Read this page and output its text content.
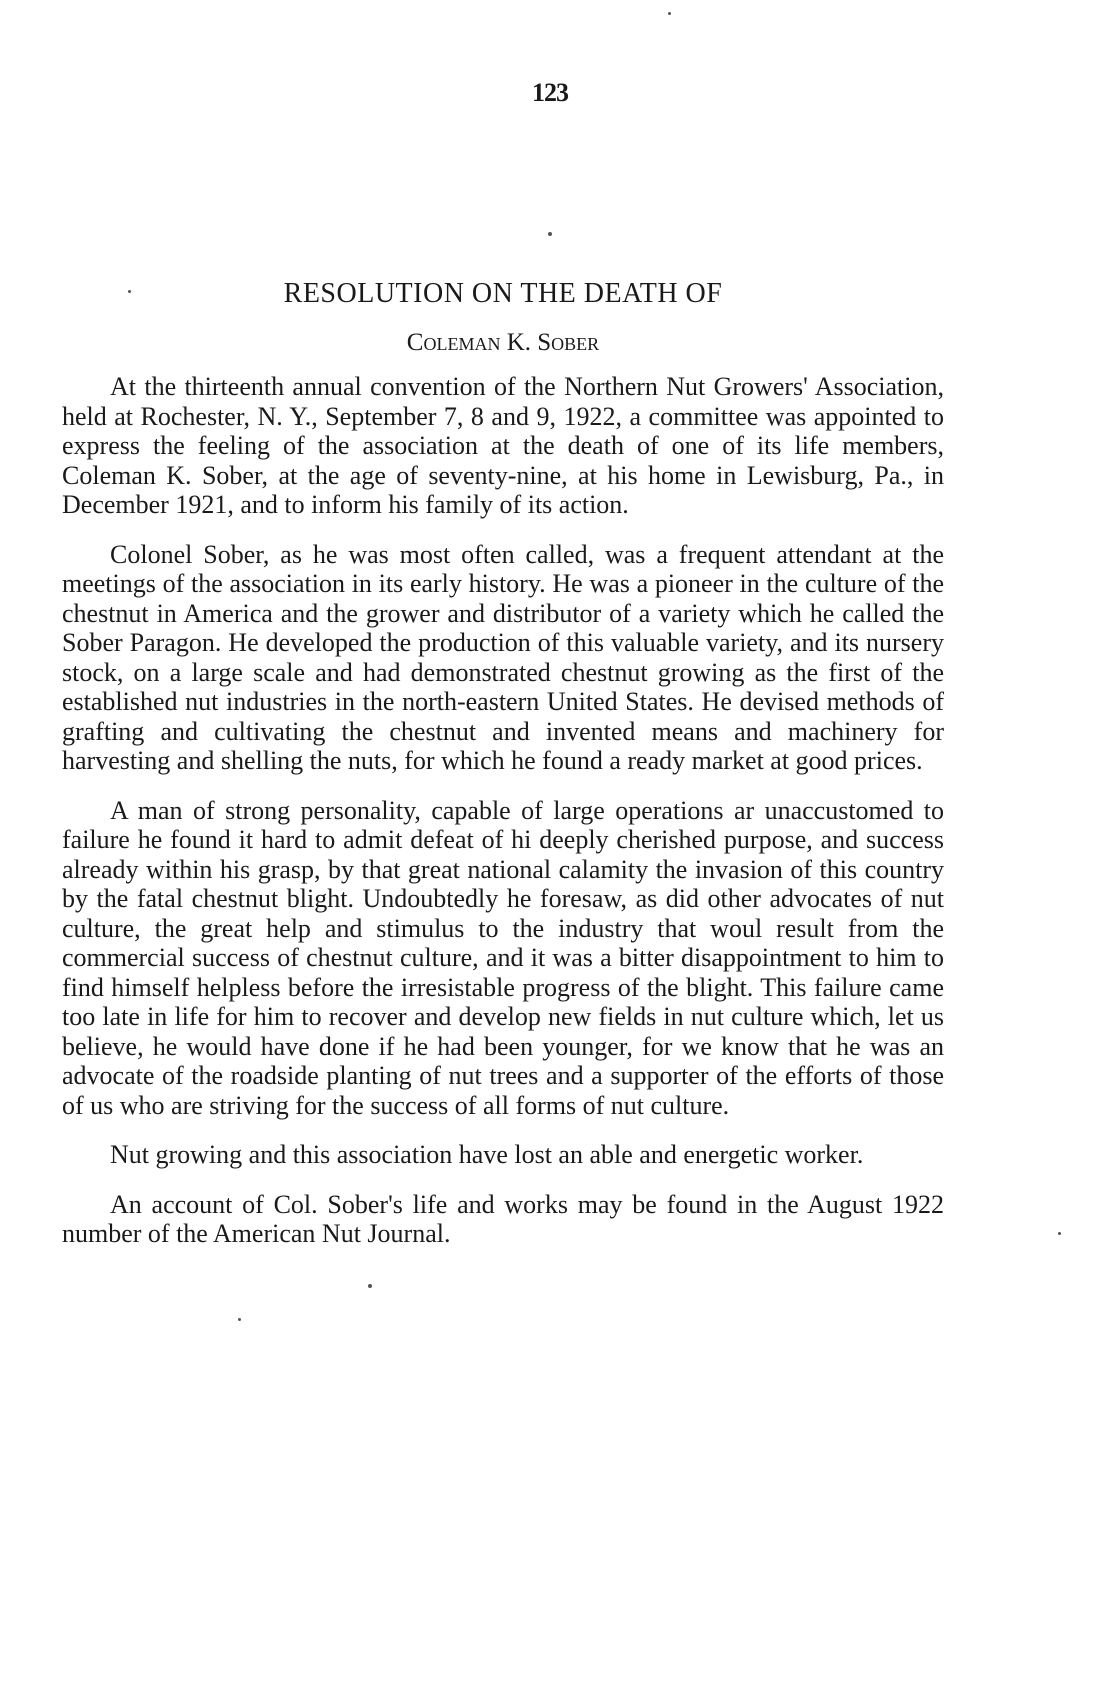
123
RESOLUTION ON THE DEATH OF
Coleman K. Sober

At the thirteenth annual convention of the Northern Nut Growers' Association, held at Rochester, N. Y., September 7, 8 and 9, 1922, a committee was appointed to express the feeling of the association at the death of one of its life members, Coleman K. Sober, at the age of seventy-nine, at his home in Lewisburg, Pa., in December 1921, and to inform his family of its action.

Colonel Sober, as he was most often called, was a frequent attendant at the meetings of the association in its early history. He was a pioneer in the culture of the chestnut in America and the grower and distributor of a variety which he called the Sober Paragon. He developed the production of this valuable variety, and its nursery stock, on a large scale and had demonstrated chestnut growing as the first of the established nut industries in the north-eastern United States. He devised methods of grafting and cultivating the chestnut and invented means and machinery for harvesting and shelling the nuts, for which he found a ready market at good prices.

A man of strong personality, capable of large operations ar unaccustomed to failure he found it hard to admit defeat of hi deeply cherished purpose, and success already within his grasp, by that great national calamity the invasion of this country by the fatal chestnut blight. Undoubtedly he foresaw, as did other advocates of nut culture, the great help and stimulus to the industry that woul result from the commercial success of chestnut culture, and it was a bitter disappointment to him to find himself helpless before the irresistable progress of the blight. This failure came too late in life for him to recover and develop new fields in nut culture which, let us believe, he would have done if he had been younger, for we know that he was an advocate of the roadside planting of nut trees and a supporter of the efforts of those of us who are striving for the success of all forms of nut culture.

Nut growing and this association have lost an able and energetic worker.

An account of Col. Sober's life and works may be found in the August 1922 number of the American Nut Journal.
